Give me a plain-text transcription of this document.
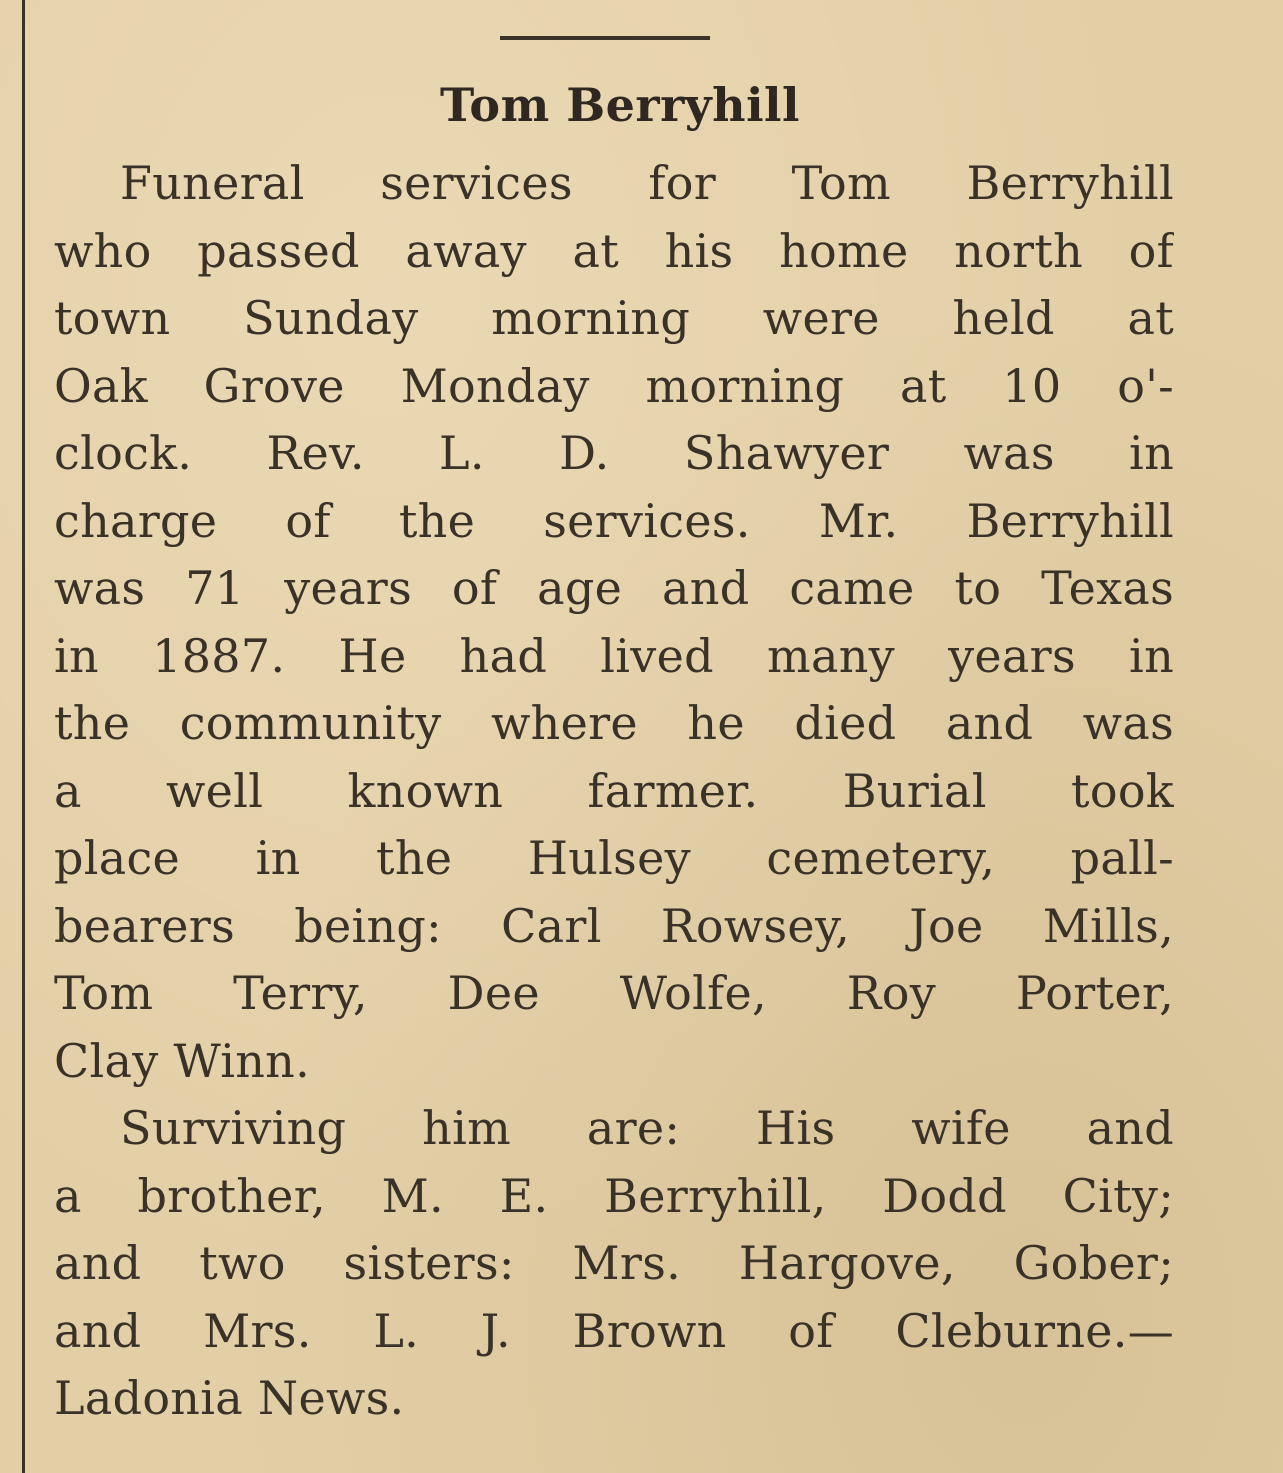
Tom Berryhill
Funeral services for Tom Berryhill
who passed away at his home north of
town Sunday morning were held at
Oak Grove Monday morning at 10 o'-
clock. Rev. L. D. Shawyer was in
charge of the services. Mr. Berryhill
was 71 years of age and came to Texas
in 1887. He had lived many years in
the community where he died and was
a well known farmer. Burial took
place in the Hulsey cemetery, pall-
bearers being: Carl Rowsey, Joe Mills,
Tom Terry, Dee Wolfe, Roy Porter,
Clay Winn.
Surviving him are: His wife and
a brother, M. E. Berryhill, Dodd City;
and two sisters: Mrs. Hargove, Gober;
and Mrs. L. J. Brown of Cleburne.—
Ladonia News.
